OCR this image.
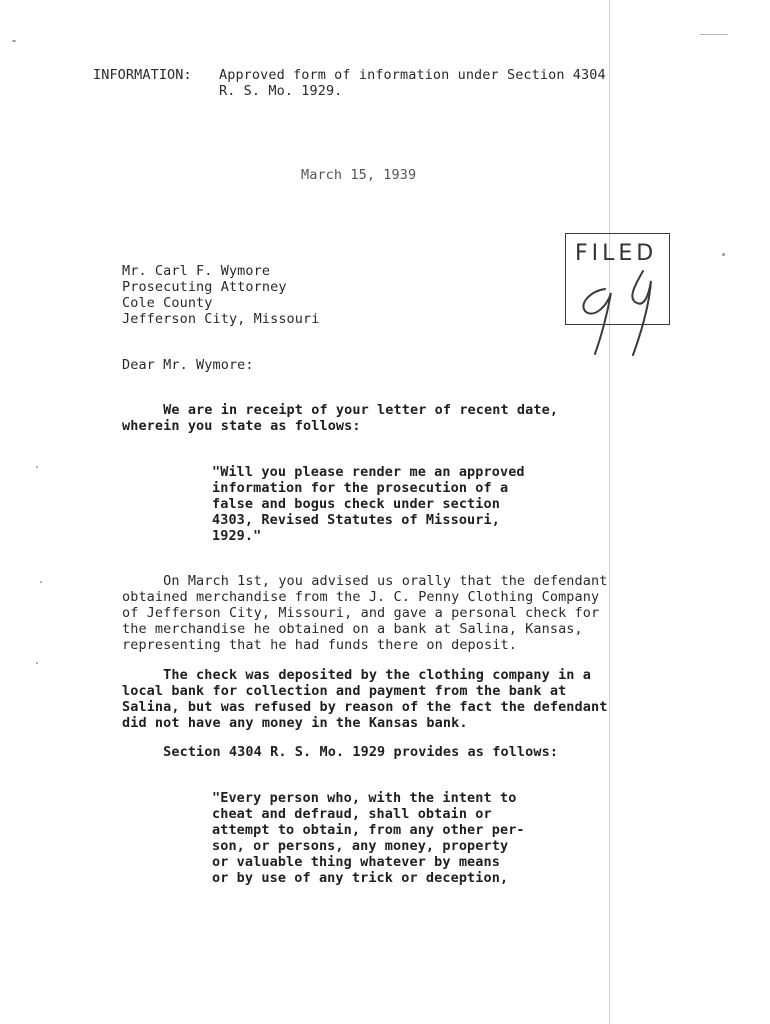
INFORMATION: Approved form of information under Section 4304
R. S. Mo. 1929.
March 15, 1939
FILED
Mr. Carl F. Wymore
Prosecuting Attorney
Cole County
Jefferson City, Missouri
Dear Mr. Wymore:
We are in receipt of your letter of recent date,
wherein you state as follows:
"Will you please render me an approved
information for the prosecution of a
false and bogus check under section
4303, Revised Statutes of Missouri,
1929."
On March 1st, you advised us orally that the defendant
obtained merchandise from the J. C. Penny Clothing Company
of Jefferson City, Missouri, and gave a personal check for
the merchandise he obtained on a bank at Salina, Kansas,
representing that he had funds there on deposit.
The check was deposited by the clothing company in a
local bank for collection and payment from the bank at
Salina, but was refused by reason of the fact the defendant
did not have any money in the Kansas bank.
Section 4304 R. S. Mo. 1929 provides as follows:
"Every person who, with the intent to
cheat and defraud, shall obtain or
attempt to obtain, from any other per-
son, or persons, any money, property
or valuable thing whatever by means
or by use of any trick or deception,
